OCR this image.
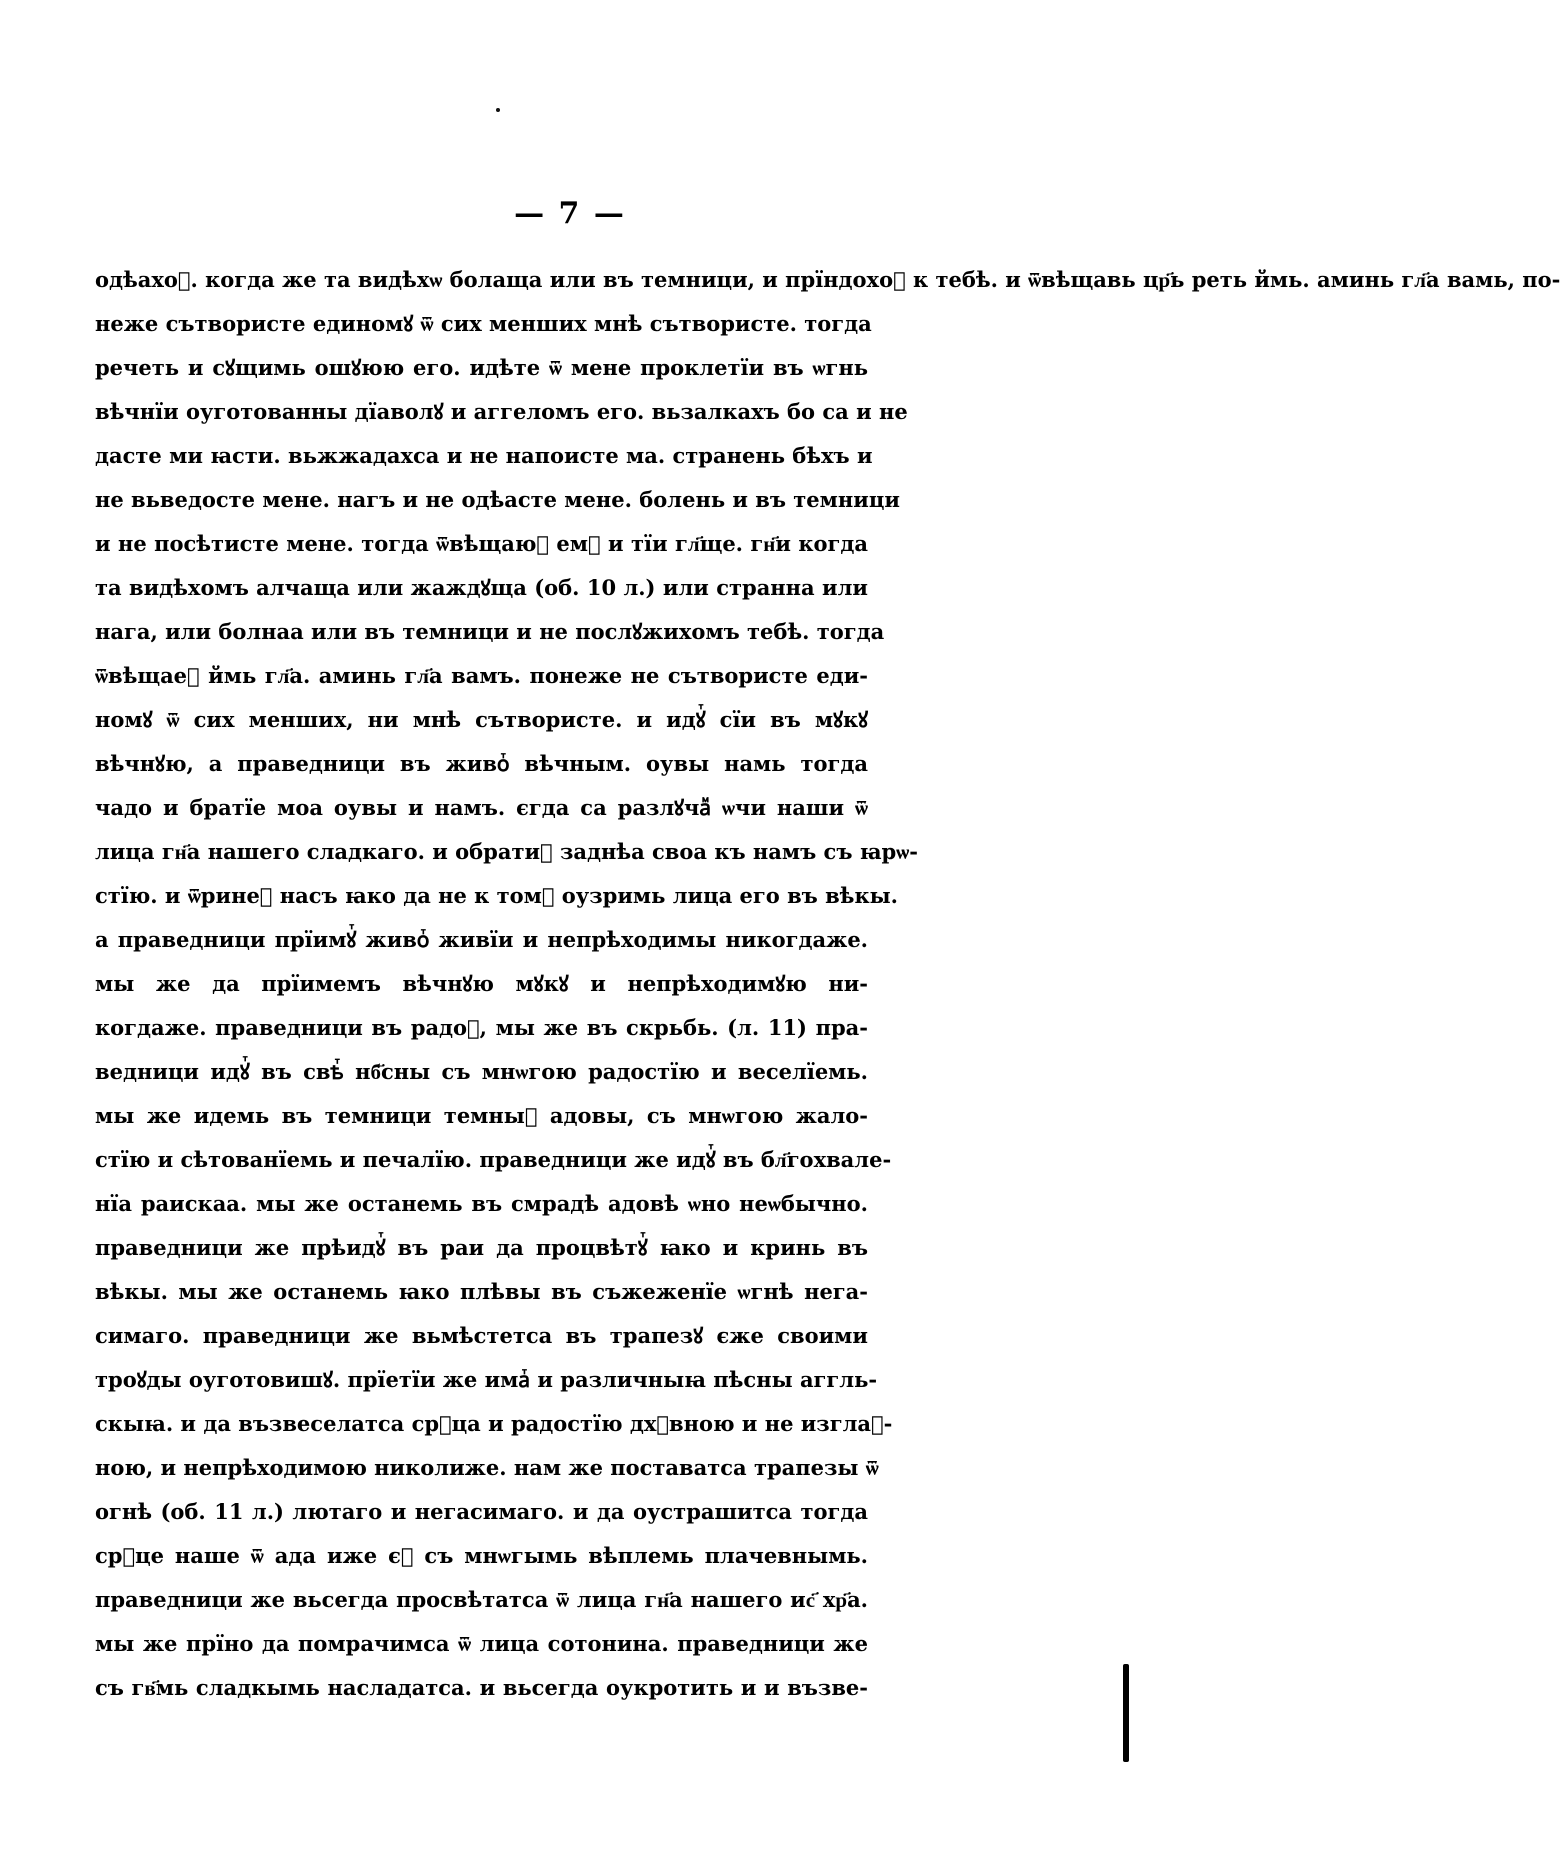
— 7 —
одѣахоⷨ. когда же та видѣхѡ болаща или въ темници, и прїндохоⷨ к тебѣ. и ѿвѣщавь цр҃ь реть ймь. аминь гл҃а вамь, по-
неже сътвористе единомꙋ ѿ сих менших мнѣ сътвористе. тогда
речеть и сꙋщимь ошꙋюю его. идѣте ѿ мене проклетїи въ ѡгнь
вѣчнїи оуготованны дїаволꙋ и аггеломъ его. вьзалкахъ бо са и не
дасте ми ꙗсти. вьжжадахса и не напоисте ма. странень бѣхъ и
не вьведосте мене. нагъ и не одѣасте мене. болень и въ темници
и не посѣтисте мене. тогда ѿвѣщаюⷮ емꙋ и тїи гл҃ще. гн҃и когда
та видѣхомъ алчаща или жаждꙋща (об. 10 л.) или странна или
нага, или болнаа или въ темници и не послꙋжихомъ тебѣ. тогда
ѿвѣщаеⷮ ймь гл҃а. аминь гл҃а вамъ. понеже не сътвористе еди-
номꙋ ѿ сих менших, ни мнѣ сътвористе. и идꙋⷮ сїи въ мꙋкꙋ
вѣчнꙋю, а праведници въ живоⷮ вѣчным. оувы намь тогда
чадо и братїе моа оувы и намъ. єгда са разлꙋчаⷨ ѡчи наши ѿ
лица гн҃а нашего сладкаго. и обратиⷮ заднѣа своа къ намъ съ ꙗрѡ-
стїю. и ѿринеⷮ насъ ꙗко да не к томꙋ оузримь лица его въ вѣкы.
а праведници прїимꙋⷮ живоⷮ живїи и непрѣходимы никогдаже.
мы же да прїимемъ вѣчнꙋю мꙋкꙋ и непрѣходимꙋю ни-
когдаже. праведници въ радоⷭ, мы же въ скрьбь. (л. 11) пра-
ведници идꙋⷮ въ свѣⷮ нб҃сны съ мнѡгою радостїю и веселїемь.
мы же идемь въ темници темныⷯ адовы, съ мнѡгою жало-
стїю и сѣтованїемь и печалїю. праведници же идꙋⷮ въ бл҃гохвале-
нїа раискаа. мы же останемь въ смрадѣ адовѣ ѡно неѡбычно.
праведници же прѣидꙋⷮ въ раи да процвѣтꙋⷮ ꙗко и кринь въ
вѣкы. мы же останемь ꙗко плѣвы въ съжеженїе ѡгнѣ нега-
симаго. праведници же вьмѣстетса въ трапезꙋ єже своими
троꙋды оуготовишꙋ. прїетїи же имаⷮ и различныꙗ пѣсны аггль-
скыꙗ. и да възвеселатса срⷣца и радостїю дхⷪвною и не изглаⷭ-
ною, и непрѣходимою николиже. нам же поставатса трапезы ѿ
огнѣ (об. 11 л.) лютаго и негасимаго. и да оустрашитса тогда
срⷣце наше ѿ ада иже єⷭ съ мнѡгымь вѣплемь плачевнымь.
праведници же вьсегда просвѣтатса ѿ лица гн҃а нашего ис҃ хр҃а.
мы же прїно да помрачимса ѿ лица сотонина. праведници же
съ гв҃мь сладкымь насладатса. и вьсегда оукротить и и възве-
